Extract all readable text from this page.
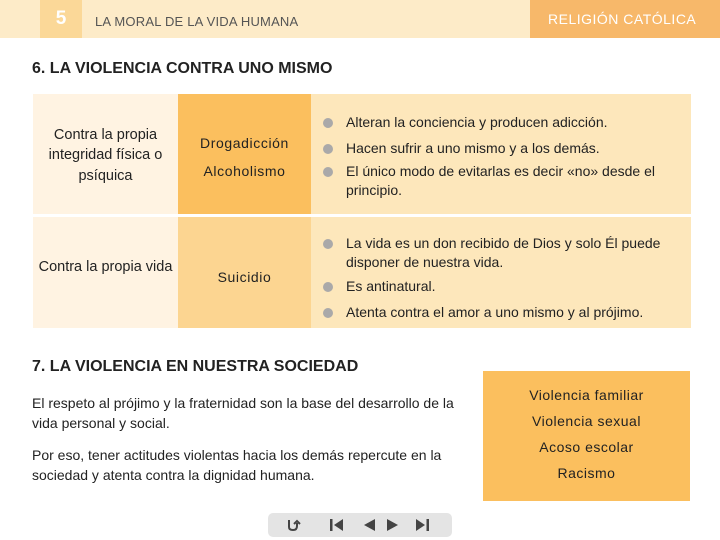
5	LA MORAL DE LA VIDA HUMANA	RELIGIÓN CATÓLICA
6. LA VIOLENCIA CONTRA UNO MISMO
Contra la propia integridad física o psíquica
Contra la propia vida
Drogadicción
Alcoholismo
Suicidio
Alteran la conciencia y producen adicción.
Hacen sufrir a uno mismo y a los demás.
El único modo de evitarlas es decir «no» desde el principio.
La vida es un don recibido de Dios y solo Él puede disponer de nuestra vida.
Es antinatural.
Atenta contra el amor a uno mismo y al prójimo.
7. LA VIOLENCIA EN NUESTRA SOCIEDAD
El respeto al prójimo y la fraternidad son la base del desarrollo de la vida personal y social.
Por eso, tener actitudes violentas hacia los demás repercute en la sociedad y atenta contra la dignidad humana.
Violencia familiar
Violencia sexual
Acoso escolar
Racismo
